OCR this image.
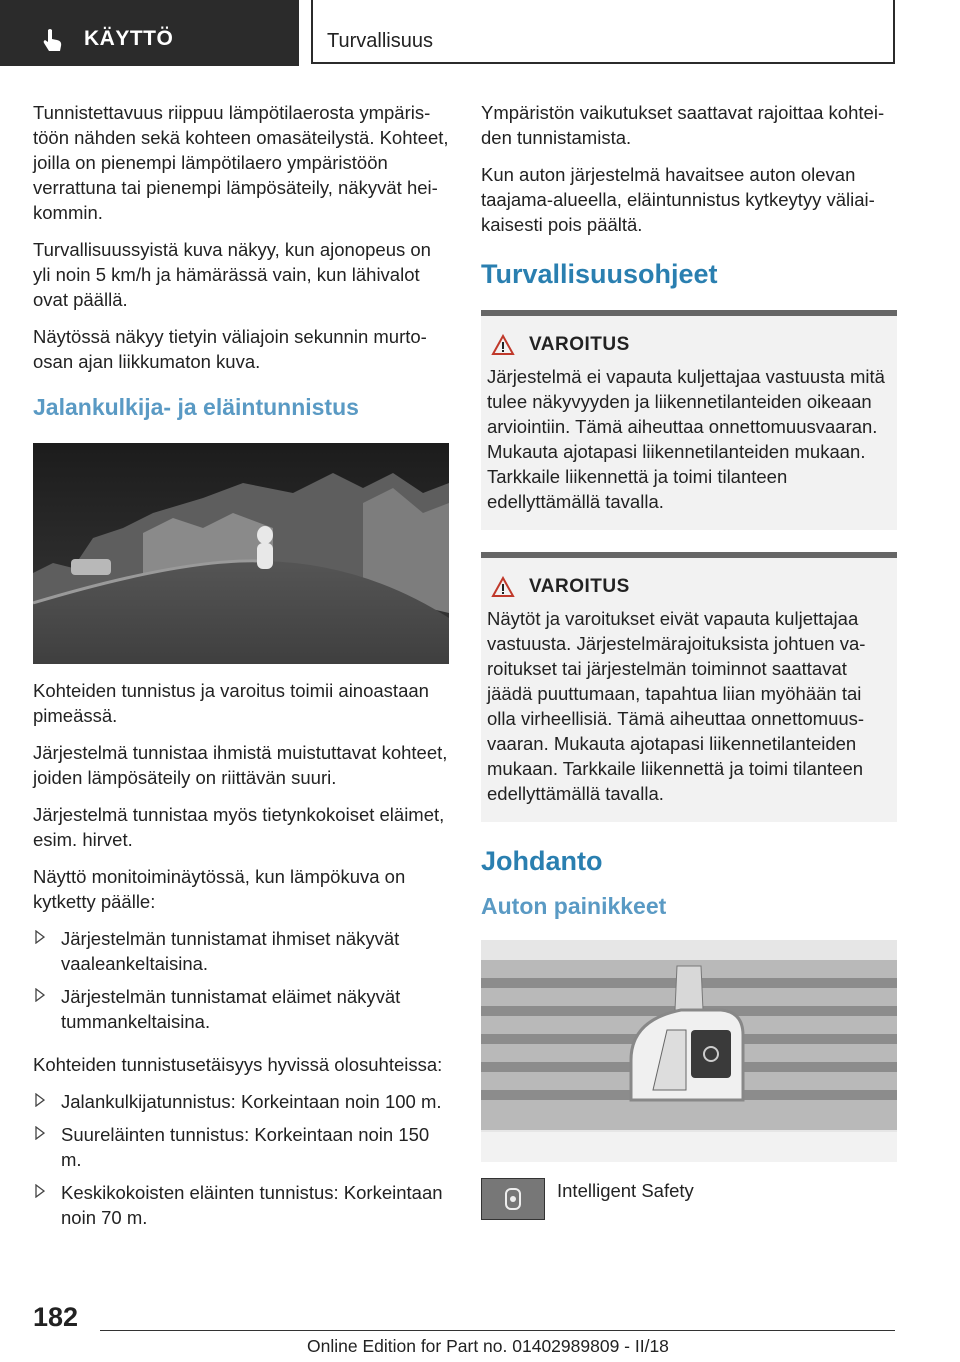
KÄYTTÖ	Turvallisuus

Tunnistettavuus riippuu lämpötilaerosta ympäristöön nähden sekä kohteen omasäteilystä. Kohteet, joilla on pienempi lämpötilaero ympäristöön verrattuna tai pienempi lämpösäteily, näkyvät heikommin.

Turvallisuussyistä kuva näkyy, kun ajonopeus on yli noin 5 km/h ja hämärässä vain, kun lähivalot ovat päällä.

Näytössä näkyy tietyin väliajoin sekunnin murtoosan ajan liikkumaton kuva.

Jalankulkija- ja eläintunnistus

Kohteiden tunnistus ja varoitus toimii ainoastaan pimeässä.

Järjestelmä tunnistaa ihmistä muistuttavat kohteet, joiden lämpösäteily on riittävän suuri.

Järjestelmä tunnistaa myös tietynkokoiset eläimet, esim. hirvet.

Näyttö monitoiminäytössä, kun lämpökuva on kytketty päälle:

Järjestelmän tunnistamat ihmiset näkyvät vaaleankeltaisina.
Järjestelmän tunnistamat eläimet näkyvät tummankeltaisina.

Kohteiden tunnistusetäisyys hyvissä olosuhteissa:

Jalankulkijatunnistus: Korkeintaan noin 100 m.
Suureläinten tunnistus: Korkeintaan noin 150 m.
Keskikokoisten eläinten tunnistus: Korkeintaan noin 70 m.

Ympäristön vaikutukset saattavat rajoittaa kohteiden tunnistamista.

Kun auton järjestelmä havaitsee auton olevan taajama-alueella, eläintunnistus kytkeytyy väliaikaisesti pois päältä.

Turvallisuusohjeet
VAROITUS

Järjestelmä ei vapauta kuljettajaa vastuusta mitä tulee näkyvyyden ja liikennetilanteiden oikeaan arviointiin. Tämä aiheuttaa onnettomuusvaaran. Mukauta ajotapasi liikennetilanteiden mukaan. Tarkkaile liikennettä ja toimi tilanteen edellyttämällä tavalla.

VAROITUS

Näytöt ja varoitukset eivät vapauta kuljettajaa vastuusta. Järjestelmärajoituksista johtuen varoitukset tai järjestelmän toiminnot saattavat jäädä puuttumaan, tapahtua liian myöhään tai olla virheellisiä. Tämä aiheuttaa onnettomuusvaaran. Mukauta ajotapasi liikennetilanteiden mukaan. Tarkkaile liikennettä ja toimi tilanteen edellyttämällä tavalla.

Johdanto
Auton painikkeet
Intelligent Safety
182
Online Edition for Part no. 01402989809 - II/18
